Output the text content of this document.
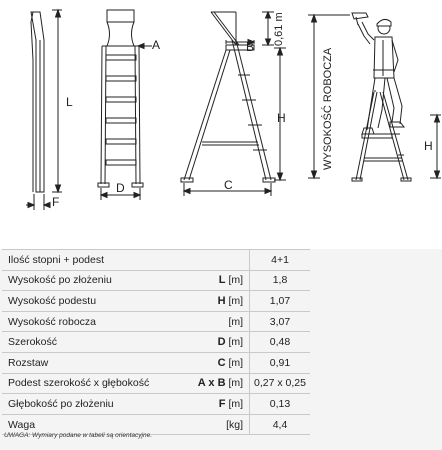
L
F
A
D
B
0,61 m
H
C
WYSOKOŚĆ ROBOCZA	H
Ilość stopni + podest		4+1
Wysokość po złożeniu	L [m]	1,8
Wysokość podestu	H [m]	1,07
Wysokość robocza	[m]	3,07
Szerokość	D [m]	0,48
Rozstaw	C [m]	0,91
Podest szerokość x głębokość	A x B [m]	0,27 x 0,25
Głębokość po złożeniu	F [m]	0,13
Waga	[kg]	4,4
UWAGA: Wymiary podane w tabeli są orientacyjne.
